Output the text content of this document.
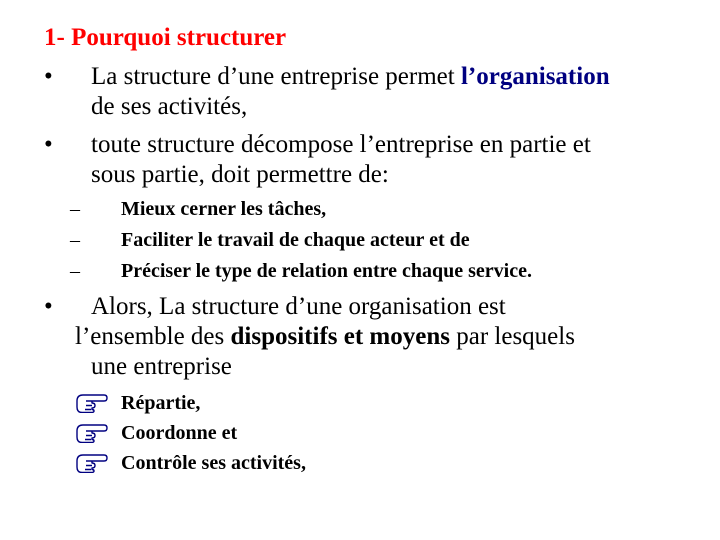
1- Pourquoi structurer
• La structure d’une entreprise permet l’organisation
de ses activités,
• toute structure décompose l’entreprise en partie et
sous partie, doit permettre de:
– Mieux cerner les tâches,
– Faciliter le travail de chaque acteur et de
– Préciser le type de relation entre chaque service.
• Alors, La structure d’une organisation est
l’ensemble des dispositifs et moyens par lesquels
une entreprise
Répartie,
Coordonne et
Contrôle ses activités,
